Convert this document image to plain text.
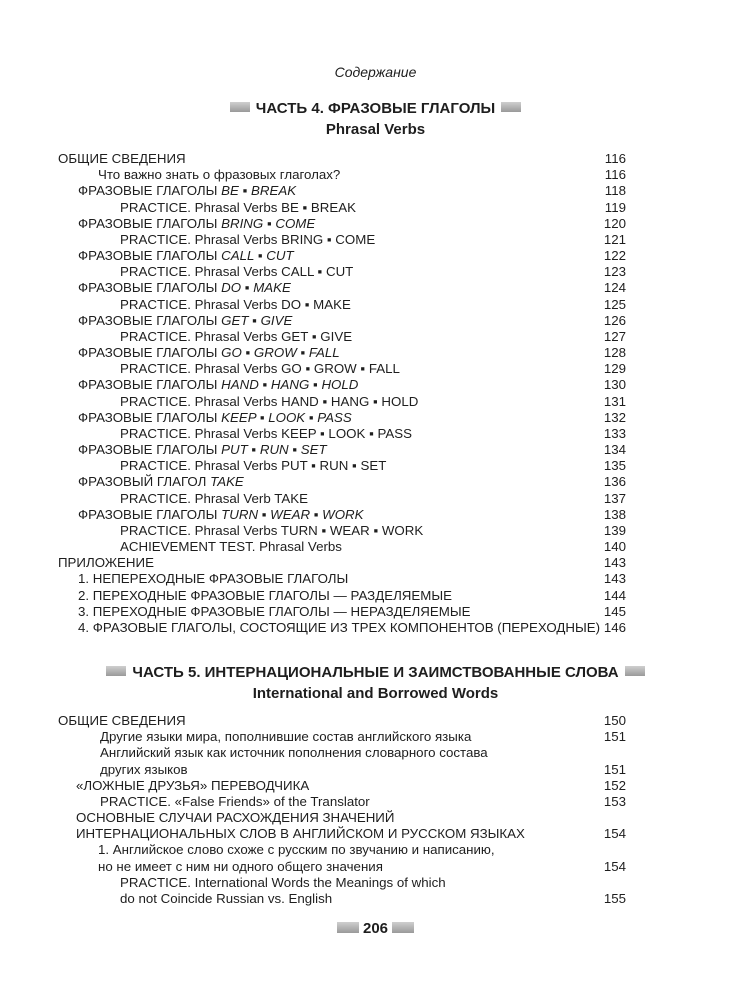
Содержание
ЧАСТЬ 4. ФРАЗОВЫЕ ГЛАГОЛЫ
Phrasal Verbs
ОБЩИЕ СВЕДЕНИЯ	116
Что важно знать о фразовых глаголах?	116
ФРАЗОВЫЕ ГЛАГОЛЫ BE ▪ BREAK	118
PRACTICE. Phrasal Verbs BE ▪ BREAK	119
ФРАЗОВЫЕ ГЛАГОЛЫ BRING ▪ COME	120
PRACTICE. Phrasal Verbs BRING ▪ COME	121
ФРАЗОВЫЕ ГЛАГОЛЫ CALL ▪ CUT	122
PRACTICE. Phrasal Verbs CALL ▪ CUT	123
ФРАЗОВЫЕ ГЛАГОЛЫ DO ▪ MAKE	124
PRACTICE. Phrasal Verbs DO ▪ MAKE	125
ФРАЗОВЫЕ ГЛАГОЛЫ GET ▪ GIVE	126
PRACTICE. Phrasal Verbs GET ▪ GIVE	127
ФРАЗОВЫЕ ГЛАГОЛЫ GO ▪ GROW ▪ FALL	128
PRACTICE. Phrasal Verbs GO ▪ GROW ▪ FALL	129
ФРАЗОВЫЕ ГЛАГОЛЫ HAND ▪ HANG ▪ HOLD	130
PRACTICE. Phrasal Verbs HAND ▪ HANG ▪ HOLD	131
ФРАЗОВЫЕ ГЛАГОЛЫ KEEP ▪ LOOK ▪ PASS	132
PRACTICE. Phrasal Verbs KEEP ▪ LOOK ▪ PASS	133
ФРАЗОВЫЕ ГЛАГОЛЫ PUT ▪ RUN ▪ SET	134
PRACTICE. Phrasal Verbs PUT ▪ RUN ▪ SET	135
ФРАЗОВЫЙ ГЛАГОЛ TAKE	136
PRACTICE. Phrasal Verb TAKE	137
ФРАЗОВЫЕ ГЛАГОЛЫ TURN ▪ WEAR ▪ WORK	138
PRACTICE. Phrasal Verbs TURN ▪ WEAR ▪ WORK	139
ACHIEVEMENT TEST. Phrasal Verbs	140
ПРИЛОЖЕНИЕ	143
1. НЕПЕРЕХОДНЫЕ ФРАЗОВЫЕ ГЛАГОЛЫ	143
2. ПЕРЕХОДНЫЕ ФРАЗОВЫЕ ГЛАГОЛЫ — РАЗДЕЛЯЕМЫЕ	144
3. ПЕРЕХОДНЫЕ ФРАЗОВЫЕ ГЛАГОЛЫ — НЕРАЗДЕЛЯЕМЫЕ	145
4. ФРАЗОВЫЕ ГЛАГОЛЫ, СОСТОЯЩИЕ ИЗ ТРЕХ КОМПОНЕНТОВ (ПЕРЕХОДНЫЕ) 146
ЧАСТЬ 5. ИНТЕРНАЦИОНАЛЬНЫЕ И ЗАИМСТВОВАННЫЕ СЛОВА
International and Borrowed Words
ОБЩИЕ СВЕДЕНИЯ	150
Другие языки мира, пополнившие состав английского языка	151
Английский язык как источник пополнения словарного состава
других языков	151
«ЛОЖНЫЕ ДРУЗЬЯ» ПЕРЕВОДЧИКА	152
PRACTICE. «False Friends» of the Translator	153
ОСНОВНЫЕ СЛУЧАИ РАСХОЖДЕНИЯ ЗНАЧЕНИЙ
ИНТЕРНАЦИОНАЛЬНЫХ СЛОВ В АНГЛИЙСКОМ И РУССКОМ ЯЗЫКАХ	154
1. Английское слово схоже с русским по звучанию и написанию,
но не имеет с ним ни одного общего значения	154
PRACTICE. International Words the Meanings of which
do not Coincide Russian vs. English	155
206
